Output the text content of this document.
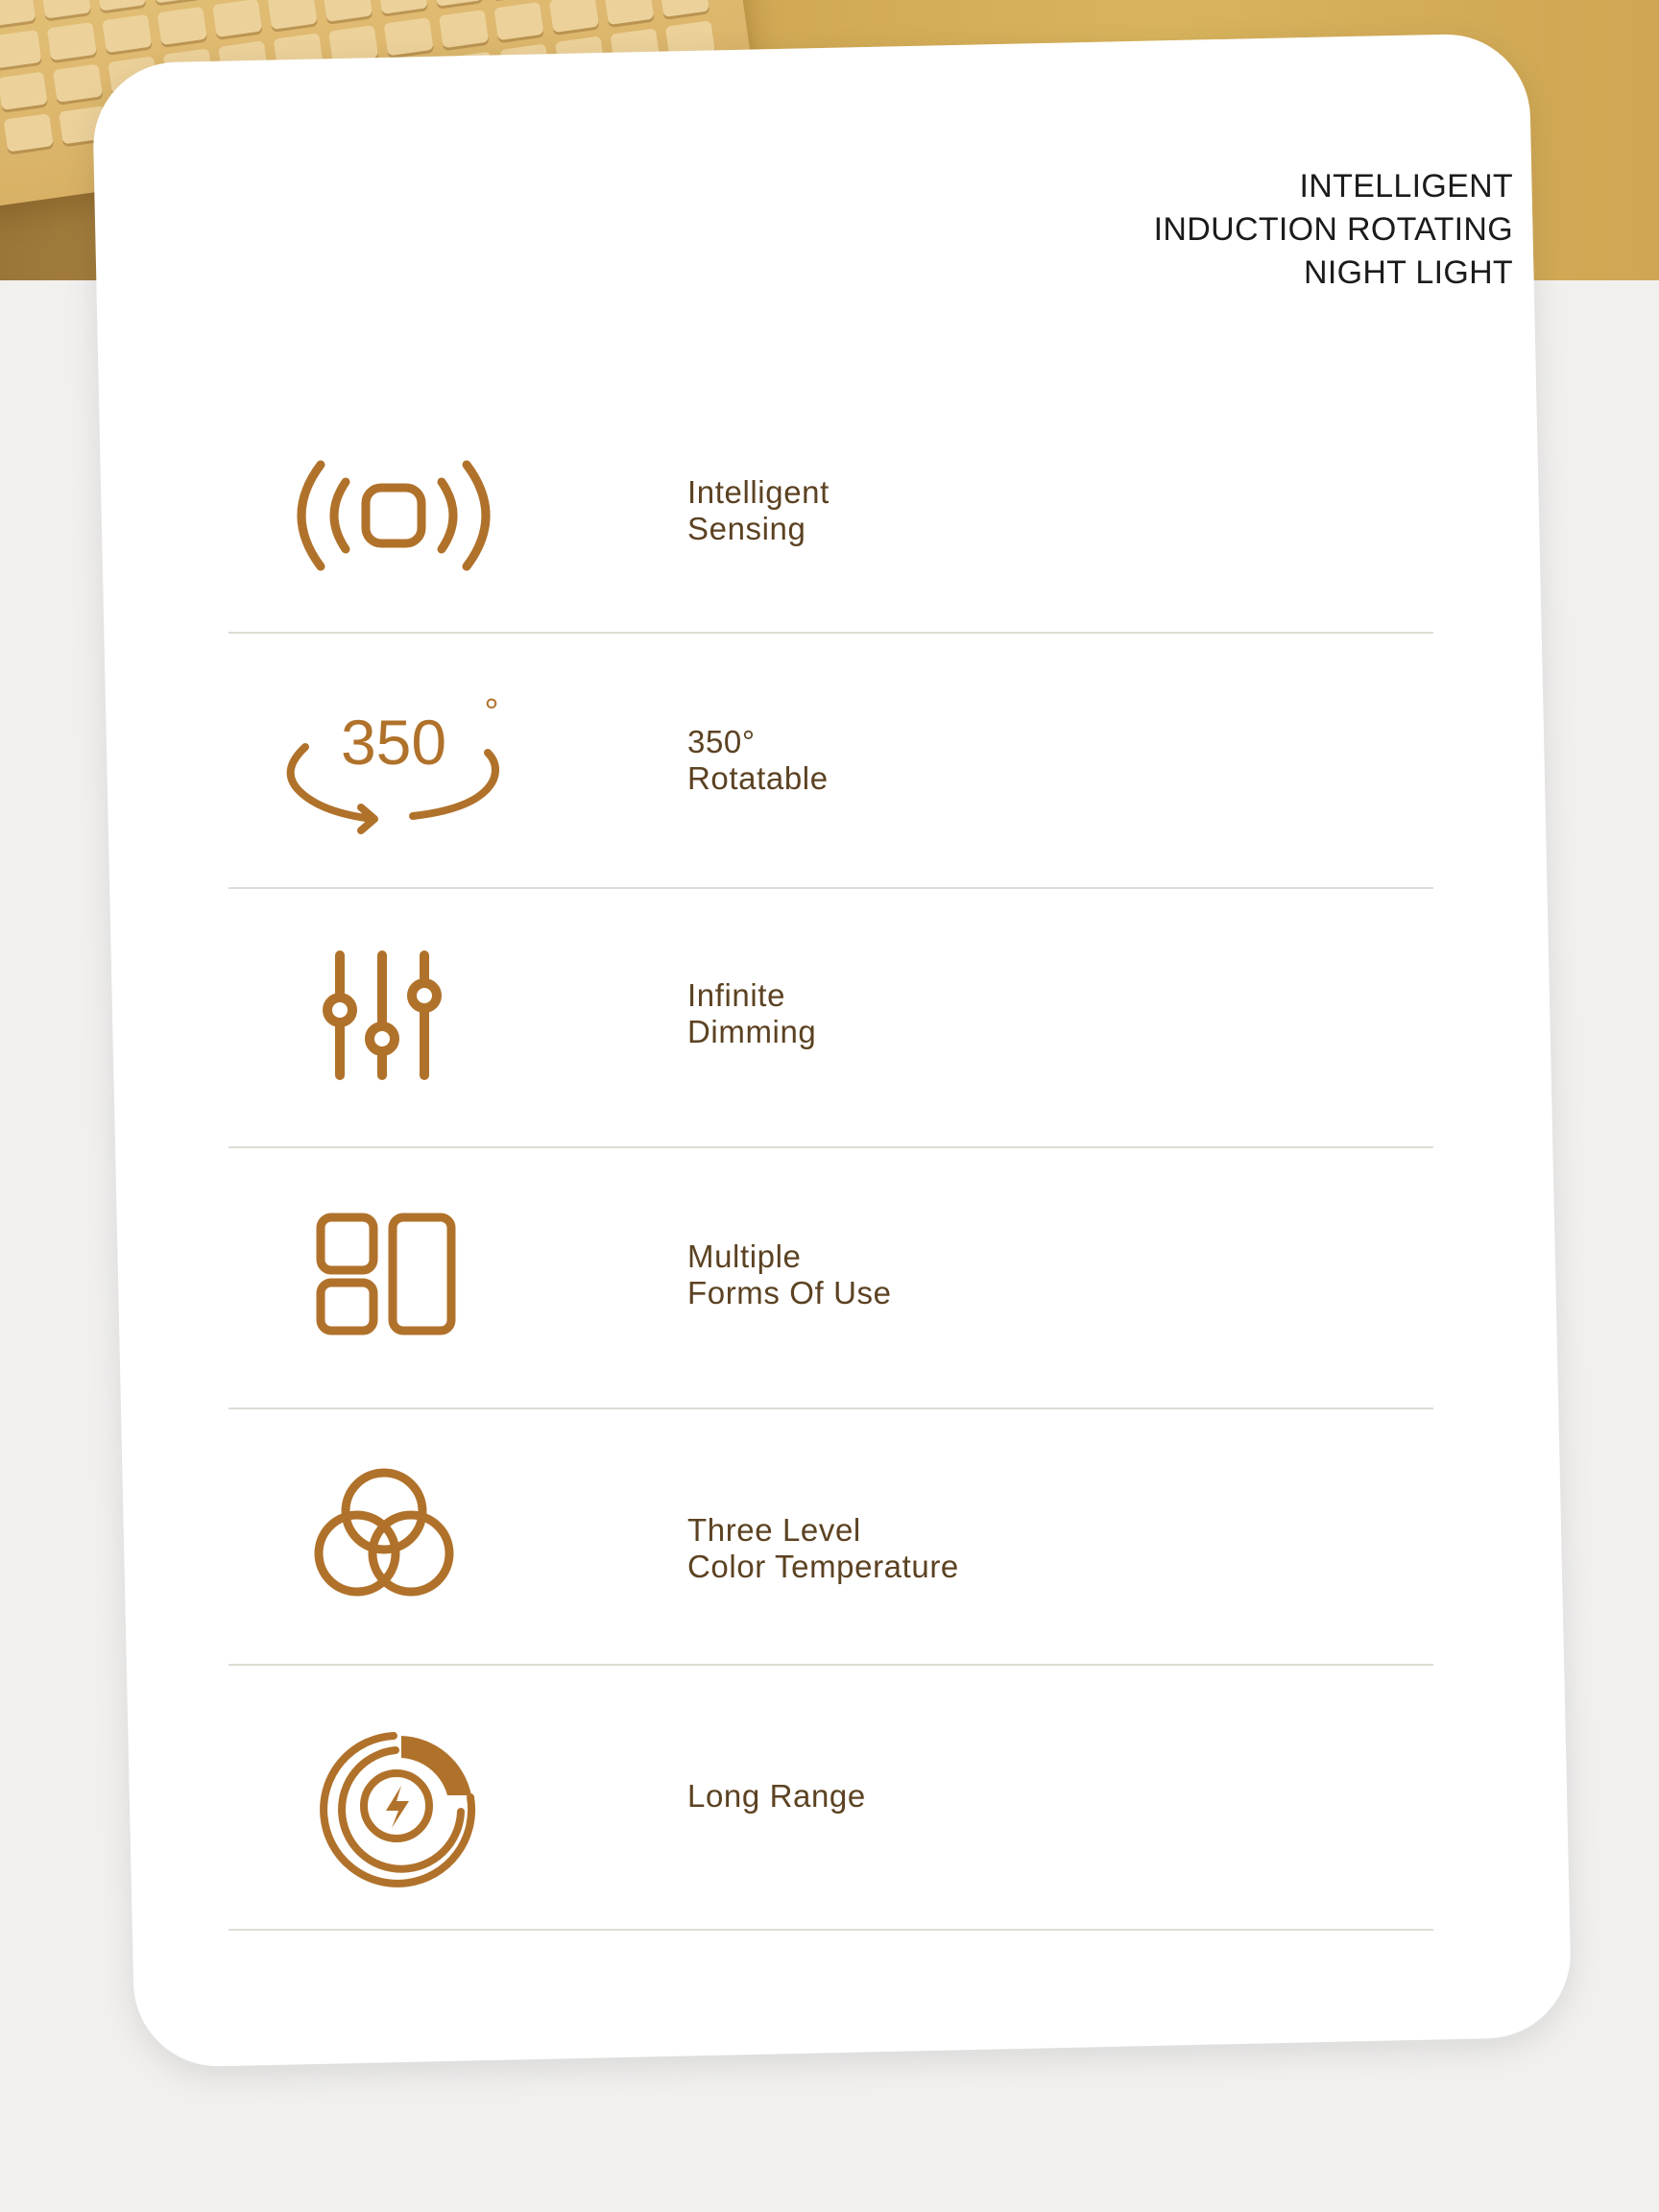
INTELLIGENT
INDUCTION ROTATING
NIGHT LIGHT
Intelligent
Sensing
350 °
350°
Rotatable
Infinite
Dimming
Multiple
Forms Of Use
Three Level
Color Temperature
Long Range
